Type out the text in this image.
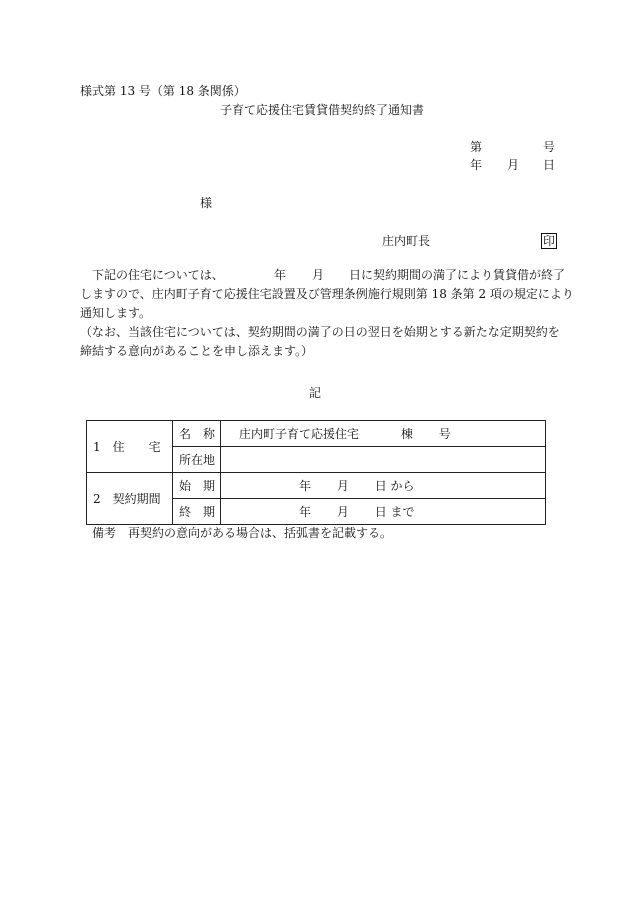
様式第 13 号（第 18 条関係）
子育て応援住宅賃貸借契約終了通知書
第	号
年 月 日
様
庄内町長	印
下記の住宅については、	年 月 日に契約期間の満了により賃貸借が終了
しますので、庄内町子育て応援住宅設置及び管理条例施行規則第 18 条第 2 項の規定により
通知します。
（なお、当該住宅については、契約期間の満了の日の翌日を始期とする新たな定期契約を
締結する意向があることを申し添えます。）
記
1　住　　宅	名　称	庄内町子育て応援住宅 棟 号
	所在地	
2　契約期間	始　期	年 月 日 から
	終　期	年 月 日 まで
備考　再契約の意向がある場合は、括弧書を記載する。
